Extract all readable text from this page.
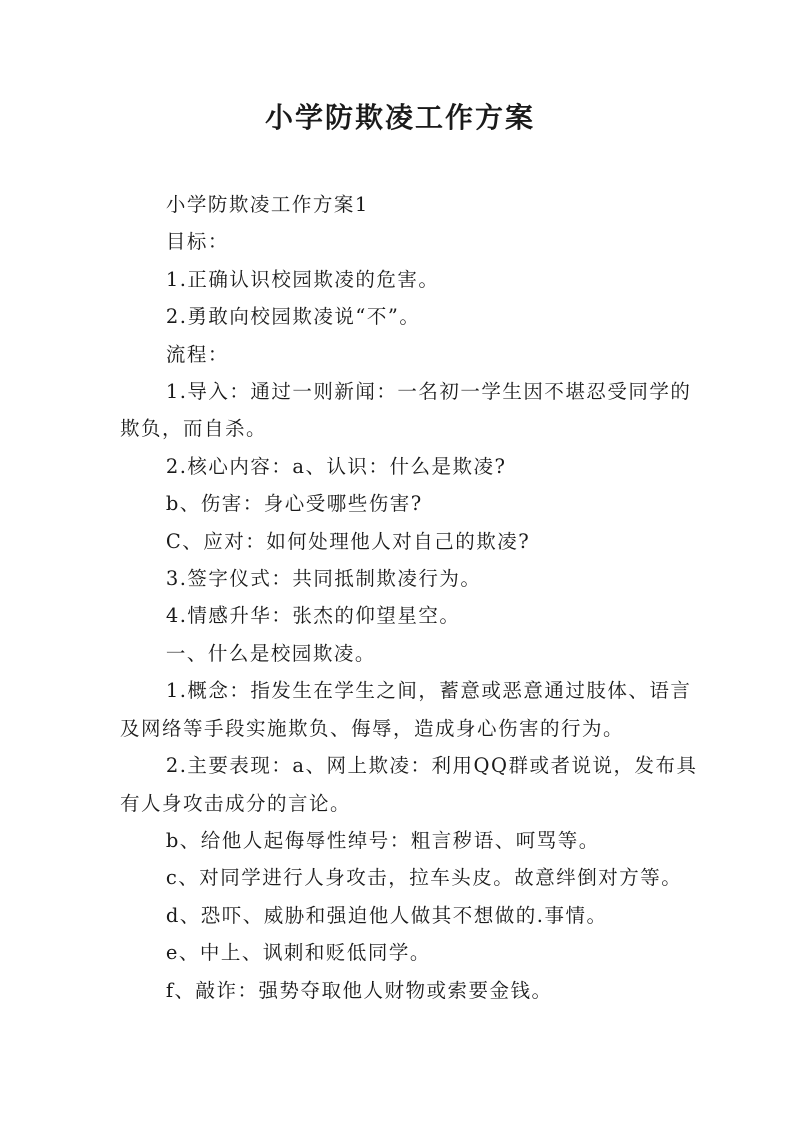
小学防欺凌工作方案

小学防欺凌工作方案1

目标：

1.正确认识校园欺凌的危害。

2.勇敢向校园欺凌说“不”。

流程：

1.导入：通过一则新闻：一名初一学生因不堪忍受同学的欺负，而自杀。

2.核心内容：a、认识：什么是欺凌?

b、伤害：身心受哪些伤害?

C、应对：如何处理他人对自己的欺凌?

3.签字仪式：共同抵制欺凌行为。

4.情感升华：张杰的仰望星空。

一、什么是校园欺凌。

1.概念：指发生在学生之间，蓄意或恶意通过肢体、语言及网络等手段实施欺负、侮辱，造成身心伤害的行为。

2.主要表现：a、网上欺凌：利用QQ群或者说说，发布具有人身攻击成分的言论。

b、给他人起侮辱性绰号：粗言秽语、呵骂等。

c、对同学进行人身攻击，拉车头皮。故意绊倒对方等。

d、恐吓、威胁和强迫他人做其不想做的.事情。

e、中上、讽刺和贬低同学。

f、敲诈：强势夺取他人财物或索要金钱。
